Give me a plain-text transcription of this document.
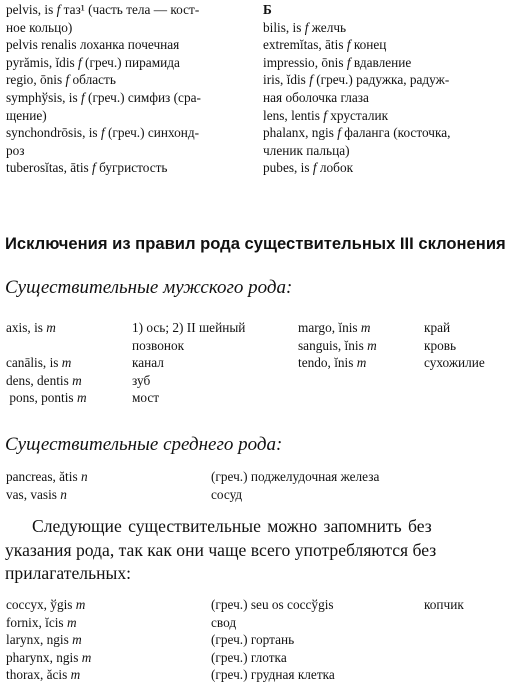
pelvis, is f таз¹ (часть тела — кост-
ное кольцо)
pelvis renalis лоханка почечная
pyrămis, ĭdis f (греч.) пирамида
regio, ōnis f область
symphўsis, is f (греч.) симфиз (сра-
щение)
synchondrōsis, is f (греч.) синхонд-
роз
tuberosĭtas, ātis f бугристость
Б
bilis, is f желчь
extremĭtas, ātis f конец
impressio, ōnis f вдавление
iris, ĭdis f (греч.) радужка, радуж-
ная оболочка глаза
lens, lentis f хрусталик
phalanx, ngis f фаланга (косточка,
членик пальца)
pubes, is f лобок
Исключения из правил рода существительных III склонения
Существительные мужского рода:
axis, is m

canālis, is m
dens, dentis m
pons, pontis m
1) ось; 2) II шейный
позвонок
канал
зуб
мост
margo, ĭnis m
sanguis, ĭnis m
tendo, ĭnis m
край
кровь
сухожилие
Существительные среднего рода:
pancreas, ătis n
vas, vasis n
(греч.) поджелудочная железа
сосуд
Следующие существительные можно запомнить без
указания рода, так как они чаще всего употребляются без
прилагательных:
coccyx, ўgis m
fornix, ĭcis m
larynx, ngis m
pharynx, ngis m
thorax, ăcis m
(греч.) seu os coccўgis
свод
(греч.) гортань
(греч.) глотка
(греч.) грудная клетка
копчик
